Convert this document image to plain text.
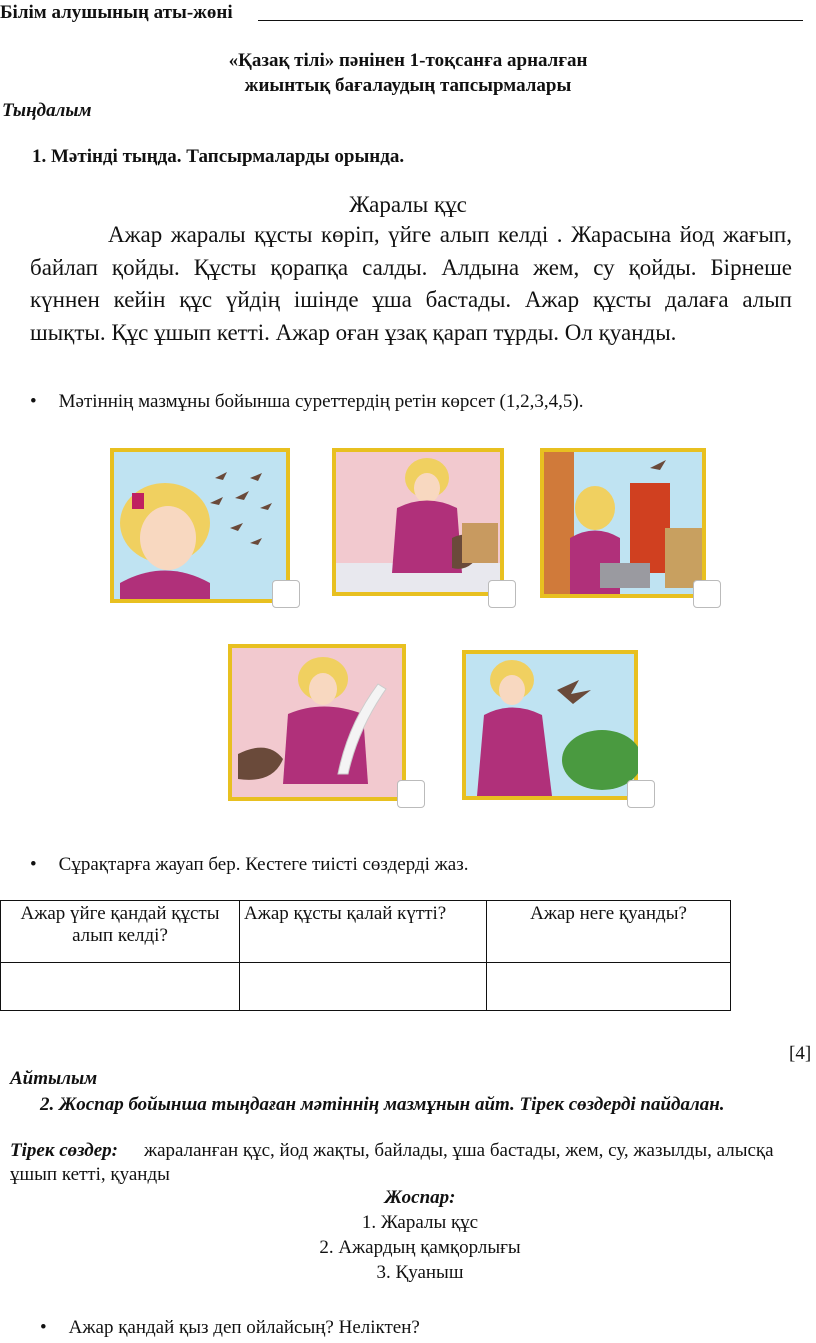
Білім алушының аты-жөні
«Қазақ тілі» пәнінен 1-тоқсанға арналған
жиынтық бағалаудың тапсырмалары
Тыңдалым
1. Мәтінді тыңда. Тапсырмаларды орында.
Жаралы құс
Ажар жаралы құсты көріп, үйге алып келді . Жарасына йод жағып, байлап қойды. Құсты қорапқа салды. Алдына жем, су қойды. Бірнеше күннен кейін құс үйдің ішінде ұша бастады. Ажар құсты далаға алып шықты. Құс ұшып кетті. Ажар оған ұзақ қарап тұрды. Ол қуанды.
• Мәтіннің мазмұны бойынша суреттердің ретін көрсет (1,2,3,4,5).
• Сұрақтарға жауап бер. Кестеге тиісті сөздерді жаз.
Ажар үйге қандай құсты алып келді?	Ажар құсты қалай күтті?	Ажар неге қуанды?

[4]
Айтылым
2. Жоспар бойынша тыңдаған мәтіннің мазмұнын айт. Тірек сөздерді пайдалан.
Тірек сөздер: жараланған құс, йод жақты, байлады, ұша бастады, жем, су, жазылды, алысқа ұшып кетті, қуанды
Жоспар:
1. Жаралы құс
2. Ажардың қамқорлығы
3. Қуаныш
• Ажар қандай қыз деп ойлайсың? Неліктен?
